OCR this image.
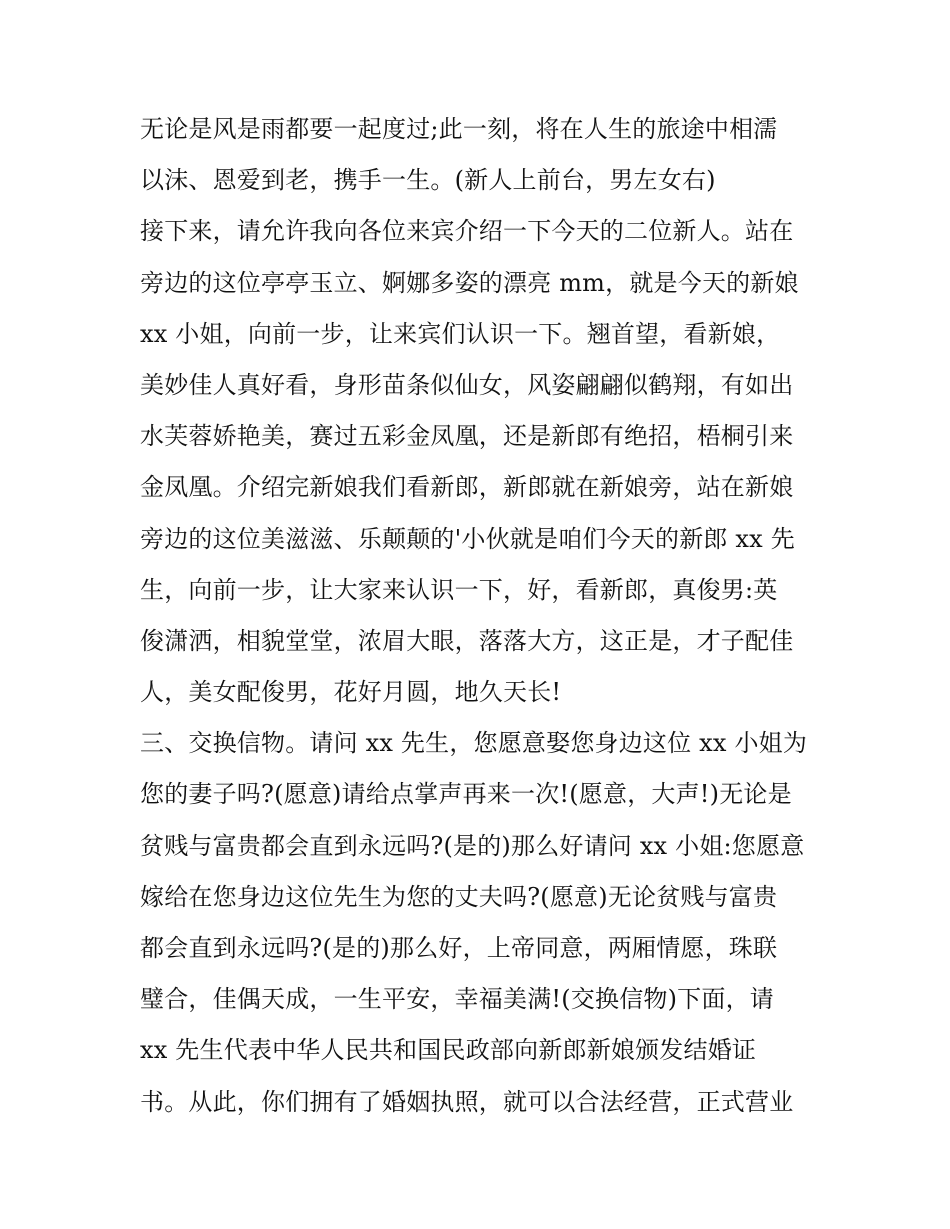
无论是风是雨都要一起度过;此一刻，将在人生的旅途中相濡
以沫、恩爱到老，携手一生。(新人上前台，男左女右)
接下来，请允许我向各位来宾介绍一下今天的二位新人。站在
旁边的这位亭亭玉立、婀娜多姿的漂亮 mm，就是今天的新娘
xx 小姐，向前一步，让来宾们认识一下。翘首望，看新娘，
美妙佳人真好看，身形苗条似仙女，风姿翩翩似鹤翔，有如出
水芙蓉娇艳美，赛过五彩金凤凰，还是新郎有绝招，梧桐引来
金凤凰。介绍完新娘我们看新郎，新郎就在新娘旁，站在新娘
旁边的这位美滋滋、乐颠颠的'小伙就是咱们今天的新郎 xx 先
生，向前一步，让大家来认识一下，好，看新郎，真俊男:英
俊潇洒，相貌堂堂，浓眉大眼，落落大方，这正是，才子配佳
人，美女配俊男，花好月圆，地久天长!
三、交换信物。请问 xx 先生，您愿意娶您身边这位 xx 小姐为
您的妻子吗?(愿意)请给点掌声再来一次!(愿意，大声!)无论是
贫贱与富贵都会直到永远吗?(是的)那么好请问 xx 小姐:您愿意
嫁给在您身边这位先生为您的丈夫吗?(愿意)无论贫贱与富贵
都会直到永远吗?(是的)那么好，上帝同意，两厢情愿，珠联
璧合，佳偶天成，一生平安，幸福美满!(交换信物)下面，请
xx 先生代表中华人民共和国民政部向新郎新娘颁发结婚证
书。从此，你们拥有了婚姻执照，就可以合法经营，正式营业
